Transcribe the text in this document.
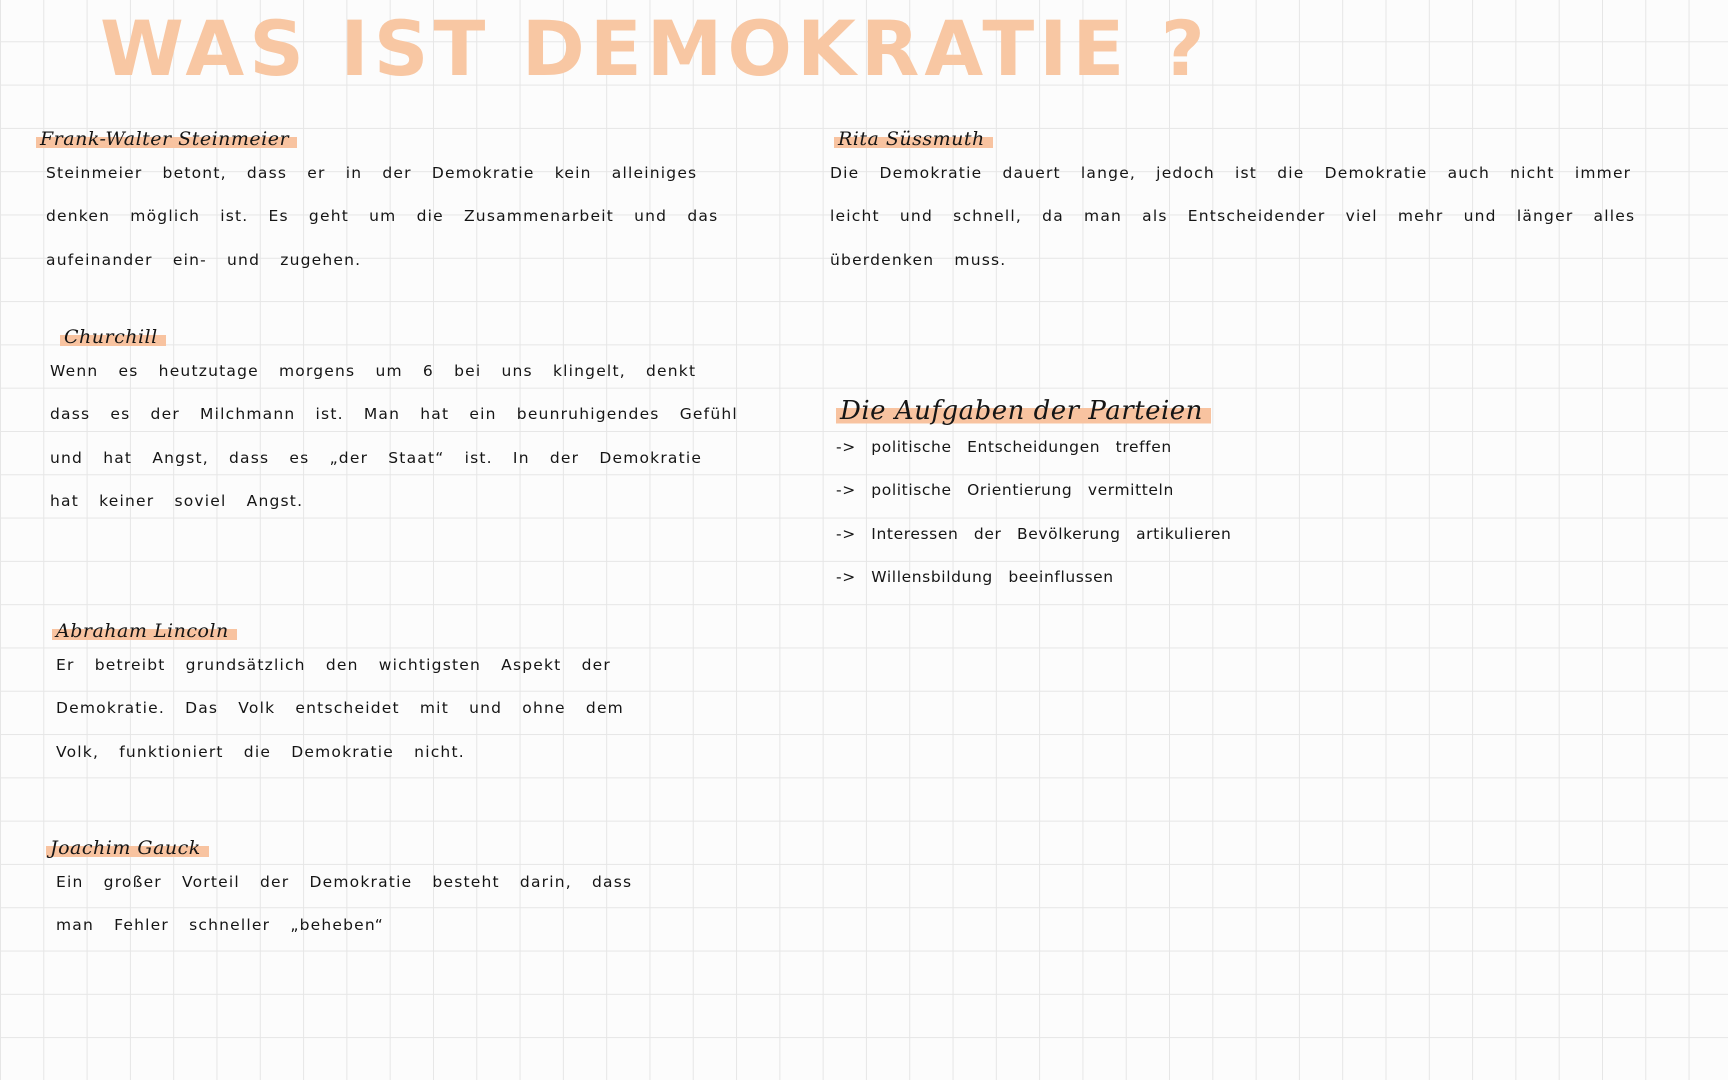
WAS IST DEMOKRATIE ?
Frank-Walter Steinmeier
Steinmeier betont, dass er in der Demokratie kein alleiniges
denken möglich ist. Es geht um die Zusammenarbeit und das
aufeinander ein- und zugehen.
Churchill
Wenn es heutzutage morgens um 6 bei uns klingelt, denkt
dass es der Milchmann ist. Man hat ein beunruhigendes Gefühl
und hat Angst, dass es „der Staat“ ist. In der Demokratie
hat keiner soviel Angst.
Abraham Lincoln
Er betreibt grundsätzlich den wichtigsten Aspekt der
Demokratie. Das Volk entscheidet mit und ohne dem
Volk, funktioniert die Demokratie nicht.
Joachim Gauck
Ein großer Vorteil der Demokratie besteht darin, dass
man Fehler schneller „beheben“
Rita Süssmuth
Die Demokratie dauert lange, jedoch ist die Demokratie auch nicht immer
leicht und schnell, da man als Entscheidender viel mehr und länger alles
überdenken muss.
Die Aufgaben der Parteien
-> politische Entscheidungen treffen
-> politische Orientierung vermitteln
-> Interessen der Bevölkerung artikulieren
-> Willensbildung beeinflussen
